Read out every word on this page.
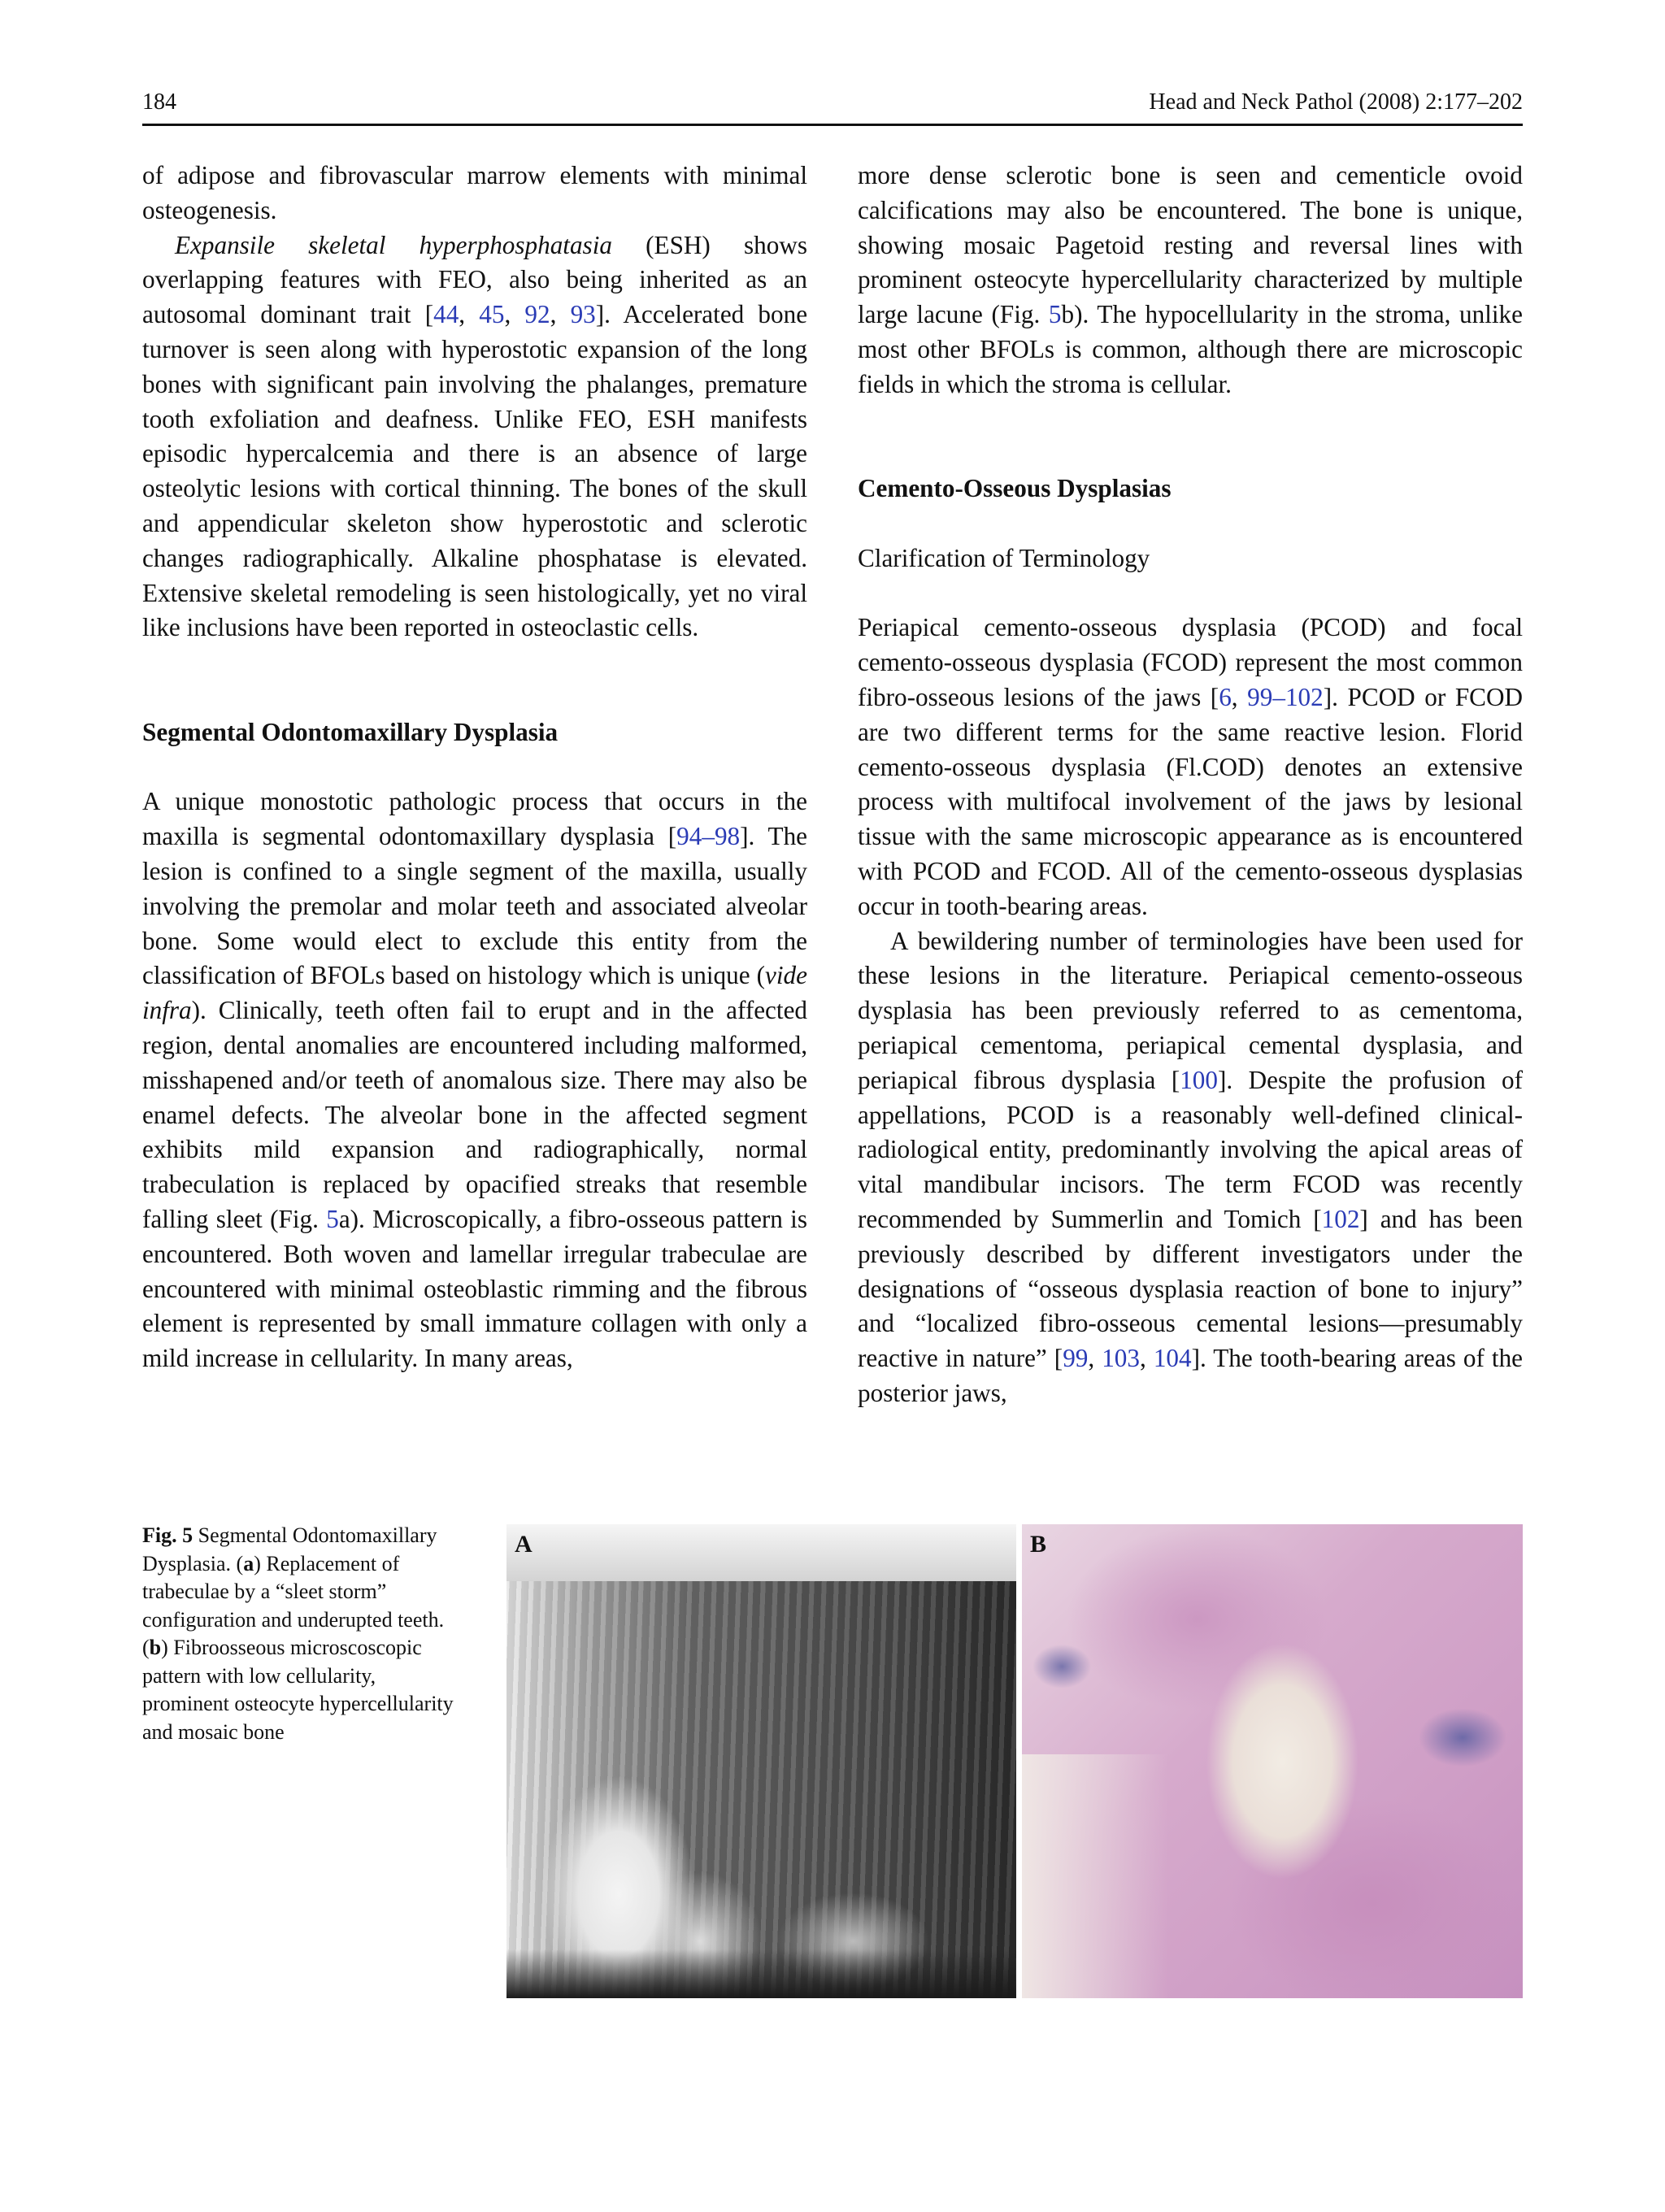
184	Head and Neck Pathol (2008) 2:177–202

of adipose and fibrovascular marrow elements with minimal osteogenesis.

Expansile skeletal hyperphosphatasia (ESH) shows overlapping features with FEO, also being inherited as an autosomal dominant trait [44, 45, 92, 93]. Accelerated bone turnover is seen along with hyperostotic expansion of the long bones with significant pain involving the phalanges, premature tooth exfoliation and deafness. Unlike FEO, ESH manifests episodic hypercalcemia and there is an absence of large osteolytic lesions with cortical thinning. The bones of the skull and appendicular skeleton show hyperostotic and sclerotic changes radiographically. Alkaline phosphatase is elevated. Extensive skeletal remodeling is seen histologically, yet no viral like inclusions have been reported in osteoclastic cells.

Segmental Odontomaxillary Dysplasia

A unique monostotic pathologic process that occurs in the maxilla is segmental odontomaxillary dysplasia [94–98]. The lesion is confined to a single segment of the maxilla, usually involving the premolar and molar teeth and associated alveolar bone. Some would elect to exclude this entity from the classification of BFOLs based on histology which is unique (vide infra). Clinically, teeth often fail to erupt and in the affected region, dental anomalies are encountered including malformed, misshapened and/or teeth of anomalous size. There may also be enamel defects. The alveolar bone in the affected segment exhibits mild expansion and radiographically, normal trabeculation is replaced by opacified streaks that resemble falling sleet (Fig. 5a). Microscopically, a fibro-osseous pattern is encountered. Both woven and lamellar irregular trabeculae are encountered with minimal osteoblastic rimming and the fibrous element is represented by small immature collagen with only a mild increase in cellularity. In many areas,

more dense sclerotic bone is seen and cementicle ovoid calcifications may also be encountered. The bone is unique, showing mosaic Pagetoid resting and reversal lines with prominent osteocyte hypercellularity characterized by multiple large lacune (Fig. 5b). The hypocellularity in the stroma, unlike most other BFOLs is common, although there are microscopic fields in which the stroma is cellular.

Cemento-Osseous Dysplasias
Clarification of Terminology

Periapical cemento-osseous dysplasia (PCOD) and focal cemento-osseous dysplasia (FCOD) represent the most common fibro-osseous lesions of the jaws [6, 99–102]. PCOD or FCOD are two different terms for the same reactive lesion. Florid cemento-osseous dysplasia (Fl.COD) denotes an extensive process with multifocal involvement of the jaws by lesional tissue with the same microscopic appearance as is encountered with PCOD and FCOD. All of the cemento-osseous dysplasias occur in tooth-bearing areas.

A bewildering number of terminologies have been used for these lesions in the literature. Periapical cemento-osseous dysplasia has been previously referred to as cementoma, periapical cementoma, periapical cemental dysplasia, and periapical fibrous dysplasia [100]. Despite the profusion of appellations, PCOD is a reasonably well-defined clinical-radiological entity, predominantly involving the apical areas of vital mandibular incisors. The term FCOD was recently recommended by Summerlin and Tomich [102] and has been previously described by different investigators under the designations of “osseous dysplasia reaction of bone to injury” and “localized fibro-osseous cemental lesions—presumably reactive in nature” [99, 103, 104]. The tooth-bearing areas of the posterior jaws,

Fig. 5 Segmental Odontomaxillary Dysplasia. (a) Replacement of trabeculae by a “sleet storm” configuration and underupted teeth. (b) Fibroosseous microscoscopic pattern with low cellularity, prominent osteocyte hypercellularity and mosaic bone
A	B
